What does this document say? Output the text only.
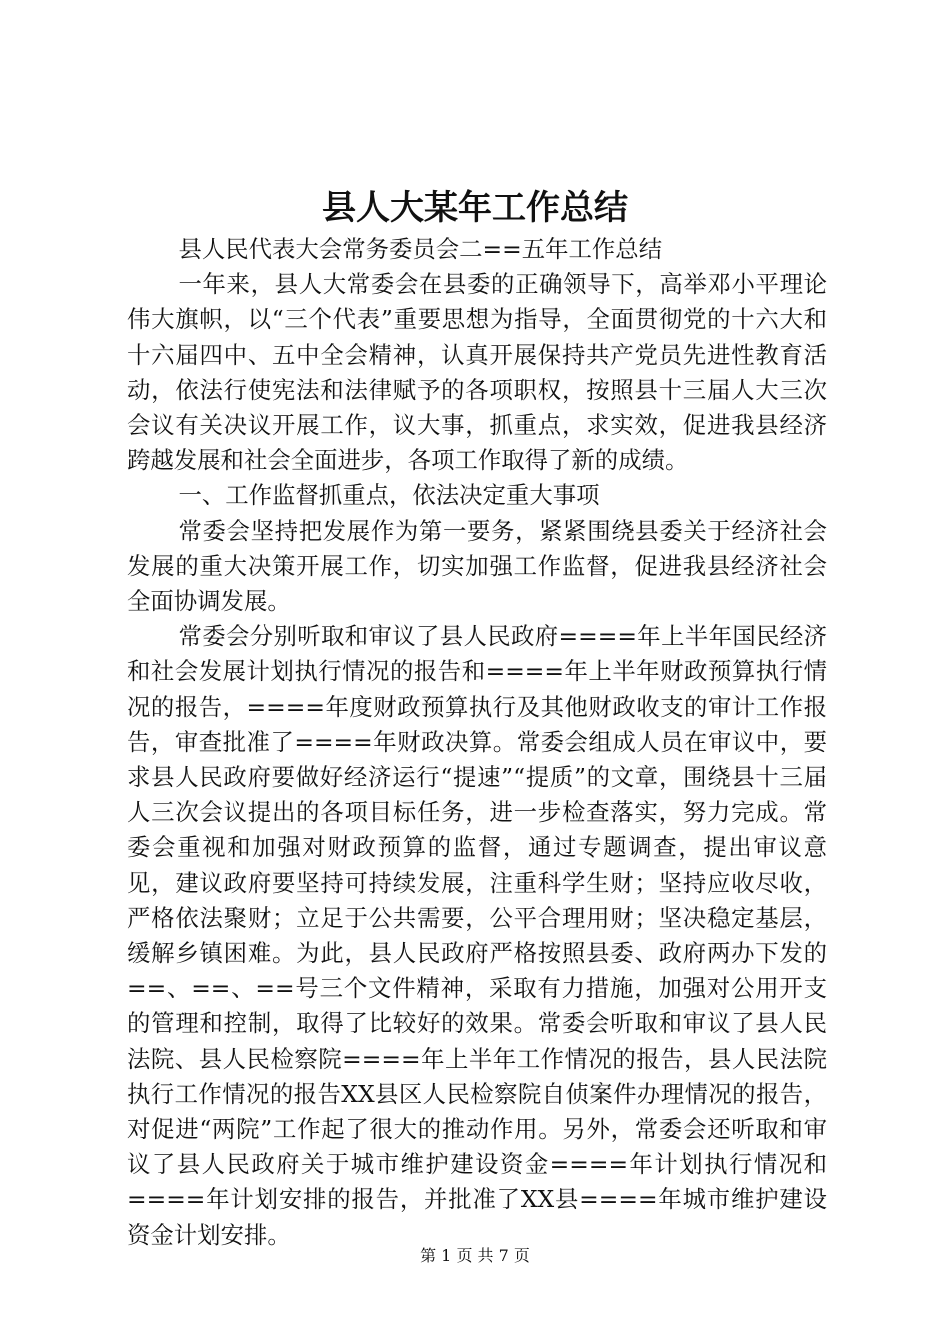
县人大某年工作总结

县人民代表大会常务委员会二==五年工作总结

一年来，县人大常委会在县委的正确领导下，高举邓小平理论伟大旗帜，以“三个代表”重要思想为指导，全面贯彻党的十六大和十六届四中、五中全会精神，认真开展保持共产党员先进性教育活动，依法行使宪法和法律赋予的各项职权，按照县十三届人大三次会议有关决议开展工作，议大事，抓重点，求实效，促进我县经济跨越发展和社会全面进步，各项工作取得了新的成绩。

一、工作监督抓重点，依法决定重大事项

常委会坚持把发展作为第一要务，紧紧围绕县委关于经济社会发展的重大决策开展工作，切实加强工作监督，促进我县经济社会全面协调发展。

常委会分别听取和审议了县人民政府====年上半年国民经济和社会发展计划执行情况的报告和====年上半年财政预算执行情况的报告，====年度财政预算执行及其他财政收支的审计工作报告，审查批准了====年财政决算。常委会组成人员在审议中，要求县人民政府要做好经济运行“提速”“提质”的文章，围绕县十三届人三次会议提出的各项目标任务，进一步检查落实，努力完成。常委会重视和加强对财政预算的监督，通过专题调查，提出审议意见，建议政府要坚持可持续发展，注重科学生财；坚持应收尽收，严格依法聚财；立足于公共需要，公平合理用财；坚决稳定基层，缓解乡镇困难。为此，县人民政府严格按照县委、政府两办下发的==、==、==号三个文件精神，采取有力措施，加强对公用开支的管理和控制，取得了比较好的效果。常委会听取和审议了县人民法院、县人民检察院====年上半年工作情况的报告，县人民法院执行工作情况的报告XX县区人民检察院自侦案件办理情况的报告，对促进“两院”工作起了很大的推动作用。另外，常委会还听取和审议了县人民政府关于城市维护建设资金====年计划执行情况和====年计划安排的报告，并批准了XX县====年城市维护建设资金计划安排。

第 1 页 共 7 页
